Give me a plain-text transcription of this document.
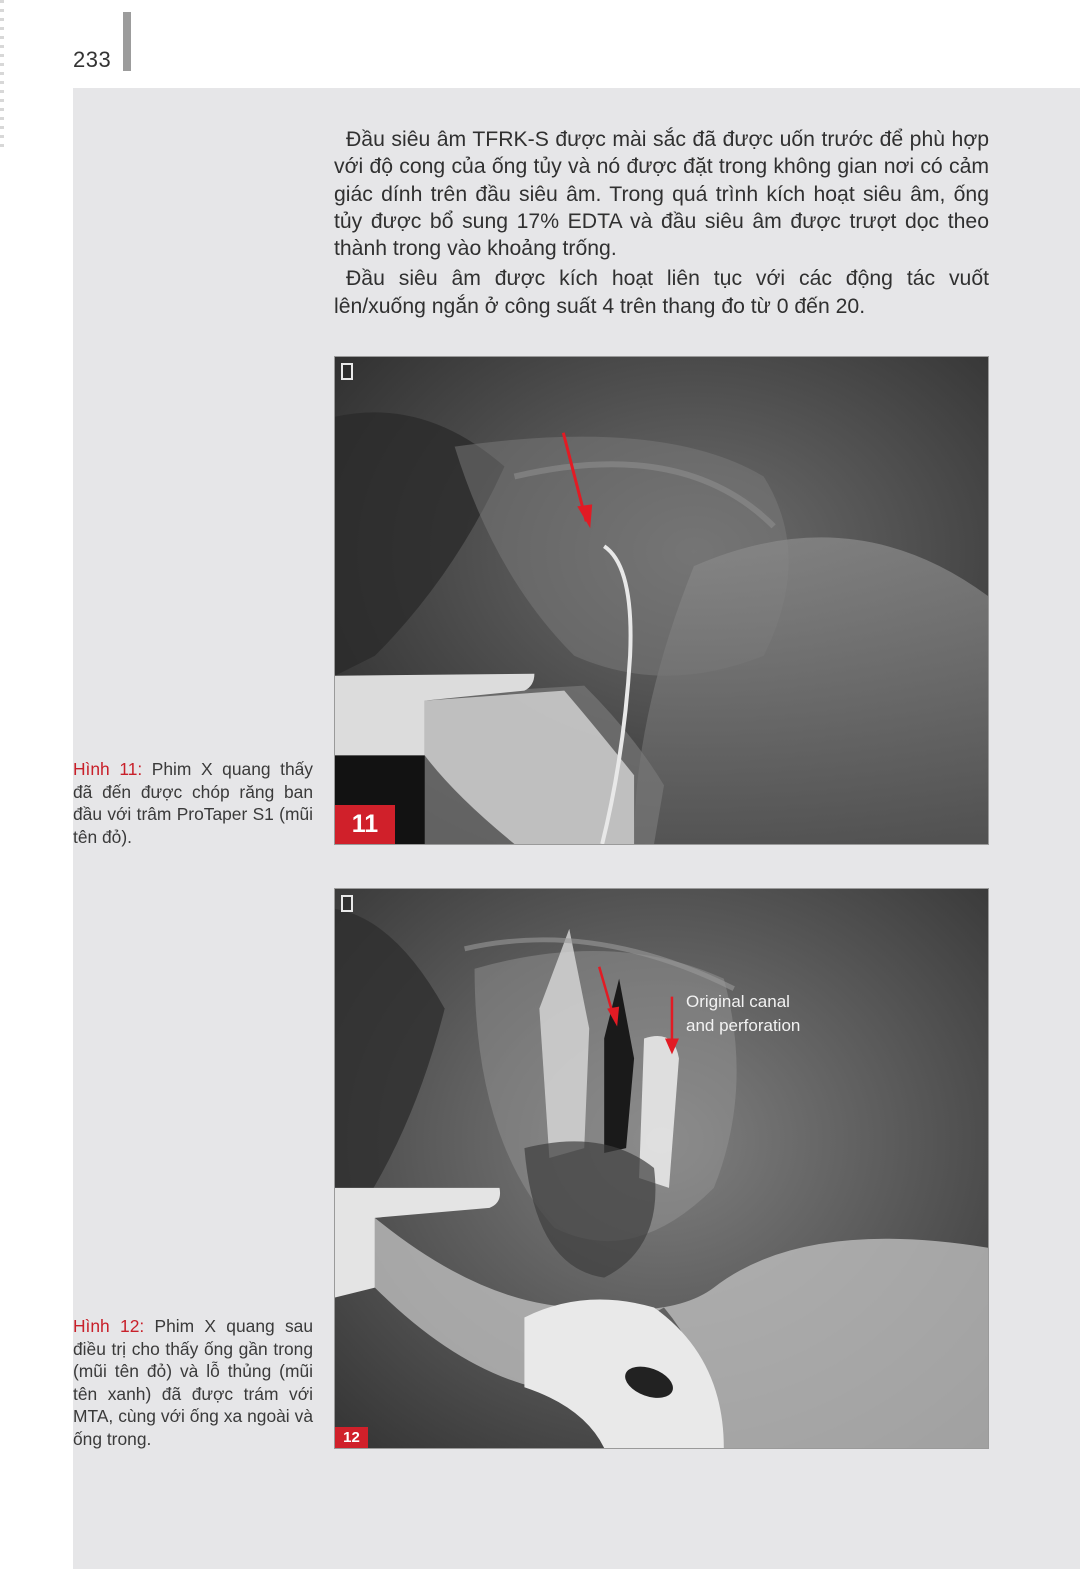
233

Đầu siêu âm TFRK-S được mài sắc đã được uốn trước để phù hợp với độ cong của ống tủy và nó được đặt trong không gian nơi có cảm giác dính trên đầu siêu âm. Trong quá trình kích hoạt siêu âm, ống tủy được bổ sung 17% EDTA và đầu siêu âm được trượt dọc theo thành trong vào khoảng trống.

Đầu siêu âm được kích hoạt liên tục với các động tác vuốt lên/xuống ngắn ở công suất 4 trên thang đo từ 0 đến 20.

11

Hình 11: Phim X quang thấy đã đến được chóp răng ban đầu với trâm ProTaper S1 (mũi tên đỏ).

Original canal
and perforation
12

Hình 12: Phim X quang sau điều trị cho thấy ống gần trong (mũi tên đỏ) và lỗ thủng (mũi tên xanh) đã được trám với MTA, cùng với ống xa ngoài và ống trong.
